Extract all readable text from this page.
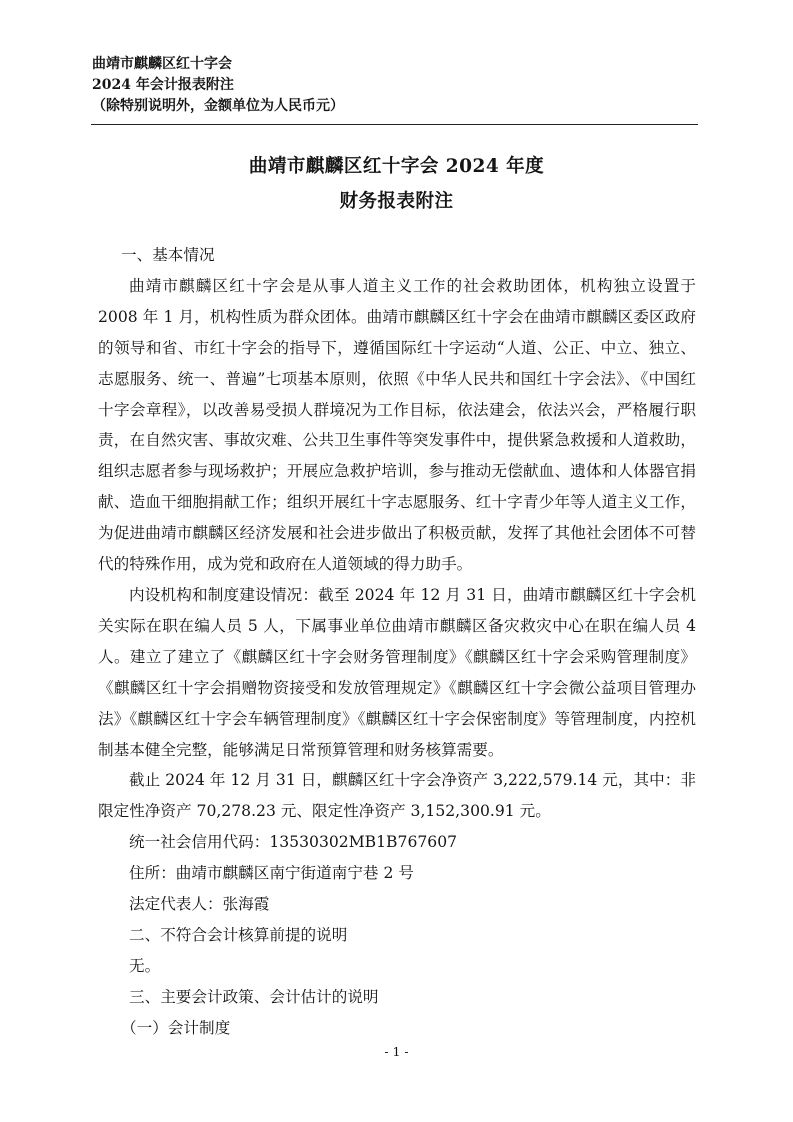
曲靖市麒麟区红十字会
2024 年会计报表附注
（除特别说明外，金额单位为人民币元）
曲靖市麒麟区红十字会 2024 年度
财务报表附注

一、基本情况

曲靖市麒麟区红十字会是从事人道主义工作的社会救助团体，机构独立设置于 2008 年 1 月，机构性质为群众团体。曲靖市麒麟区红十字会在曲靖市麒麟区委区政府的领导和省、市红十字会的指导下，遵循国际红十字运动“人道、公正、中立、独立、志愿服务、统一、普遍”七项基本原则，依照《中华人民共和国红十字会法》、《中国红十字会章程》，以改善易受损人群境况为工作目标，依法建会，依法兴会，严格履行职责，在自然灾害、事故灾难、公共卫生事件等突发事件中，提供紧急救援和人道救助，组织志愿者参与现场救护；开展应急救护培训，参与推动无偿献血、遗体和人体器官捐献、造血干细胞捐献工作；组织开展红十字志愿服务、红十字青少年等人道主义工作，为促进曲靖市麒麟区经济发展和社会进步做出了积极贡献，发挥了其他社会团体不可替代的特殊作用，成为党和政府在人道领域的得力助手。

内设机构和制度建设情况：截至 2024 年 12 月 31 日，曲靖市麒麟区红十字会机关实际在职在编人员 5 人，下属事业单位曲靖市麒麟区备灾救灾中心在职在编人员 4 人。建立了建立了《麒麟区红十字会财务管理制度》《麒麟区红十字会采购管理制度》《麒麟区红十字会捐赠物资接受和发放管理规定》《麒麟区红十字会微公益项目管理办法》《麒麟区红十字会车辆管理制度》《麒麟区红十字会保密制度》等管理制度，内控机制基本健全完整，能够满足日常预算管理和财务核算需要。

截止 2024 年 12 月 31 日，麒麟区红十字会净资产 3,222,579.14 元，其中：非限定性净资产 70,278.23 元、限定性净资产 3,152,300.91 元。

统一社会信用代码：13530302MB1B767607

住所：曲靖市麒麟区南宁街道南宁巷 2 号

法定代表人：张海霞

二、不符合会计核算前提的说明

无。

三、主要会计政策、会计估计的说明

（一）会计制度

- 1 -
